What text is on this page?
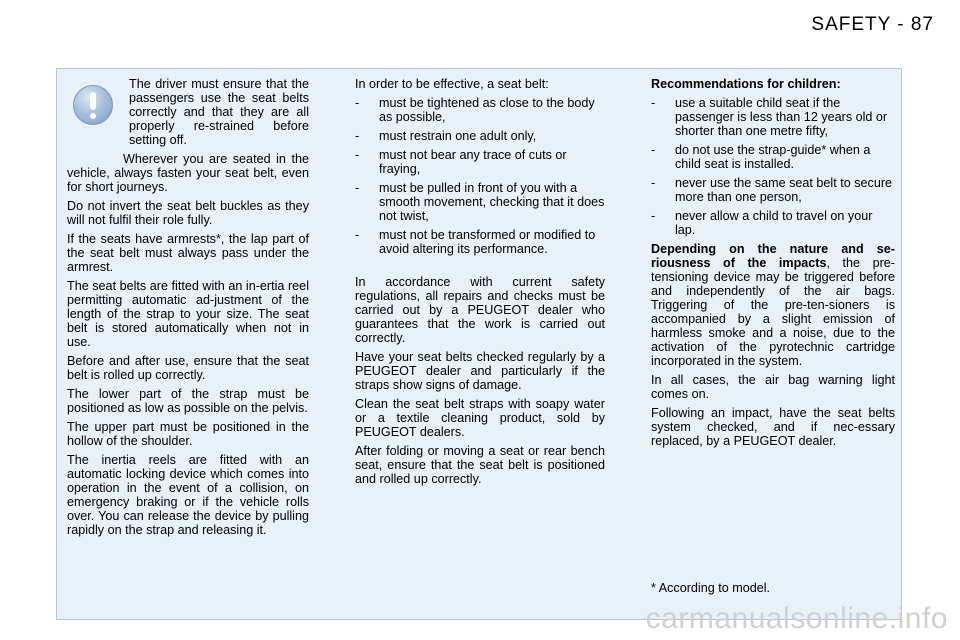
SAFETY - 87

The driver must ensure that the passengers use the seat belts correctly and that they are all properly re-strained before setting off.

Wherever you are seated in the vehicle, always fasten your seat belt, even for short journeys.

Do not invert the seat belt buckles as they will not fulfil their role fully.

If the seats have armrests*, the lap part of the seat belt must always pass under the armrest.

The seat belts are fitted with an in-ertia reel permitting automatic ad-justment of the length of the strap to your size. The seat belt is stored automatically when not in use.

Before and after use, ensure that the seat belt is rolled up correctly.

The lower part of the strap must be positioned as low as possible on the pelvis.

The upper part must be positioned in the hollow of the shoulder.

The inertia reels are fitted with an automatic locking device which comes into operation in the event of a collision, on emergency braking or if the vehicle rolls over. You can release the device by pulling rapidly on the strap and releasing it.

In order to be effective, a seat belt:

- must be tightened as close to the body as possible,
- must restrain one adult only,
- must not bear any trace of cuts or fraying,
- must be pulled in front of you with a smooth movement, checking that it does not twist,
- must not be transformed or modified to avoid altering its performance.

In accordance with current safety regulations, all repairs and checks must be carried out by a PEUGEOT dealer who guarantees that the work is carried out correctly.

Have your seat belts checked regularly by a PEUGEOT dealer and particularly if the straps show signs of damage.

Clean the seat belt straps with soapy water or a textile cleaning product, sold by PEUGEOT dealers.

After folding or moving a seat or rear bench seat, ensure that the seat belt is positioned and rolled up correctly.

Recommendations for children:

- use a suitable child seat if the passenger is less than 12 years old or shorter than one metre fifty,
- do not use the strap-guide* when a child seat is installed.
- never use the same seat belt to secure more than one person,
- never allow a child to travel on your lap.

Depending on the nature and se-riousness of the impacts, the pre-tensioning device may be triggered before and independently of the air bags. Triggering of the pre-ten-sioners is accompanied by a slight emission of harmless smoke and a noise, due to the activation of the pyrotechnic cartridge incorporated in the system.

In all cases, the air bag warning light comes on.

Following an impact, have the seat belts system checked, and if nec-essary replaced, by a PEUGEOT dealer.

* According to model.
carmanualsonline.info
